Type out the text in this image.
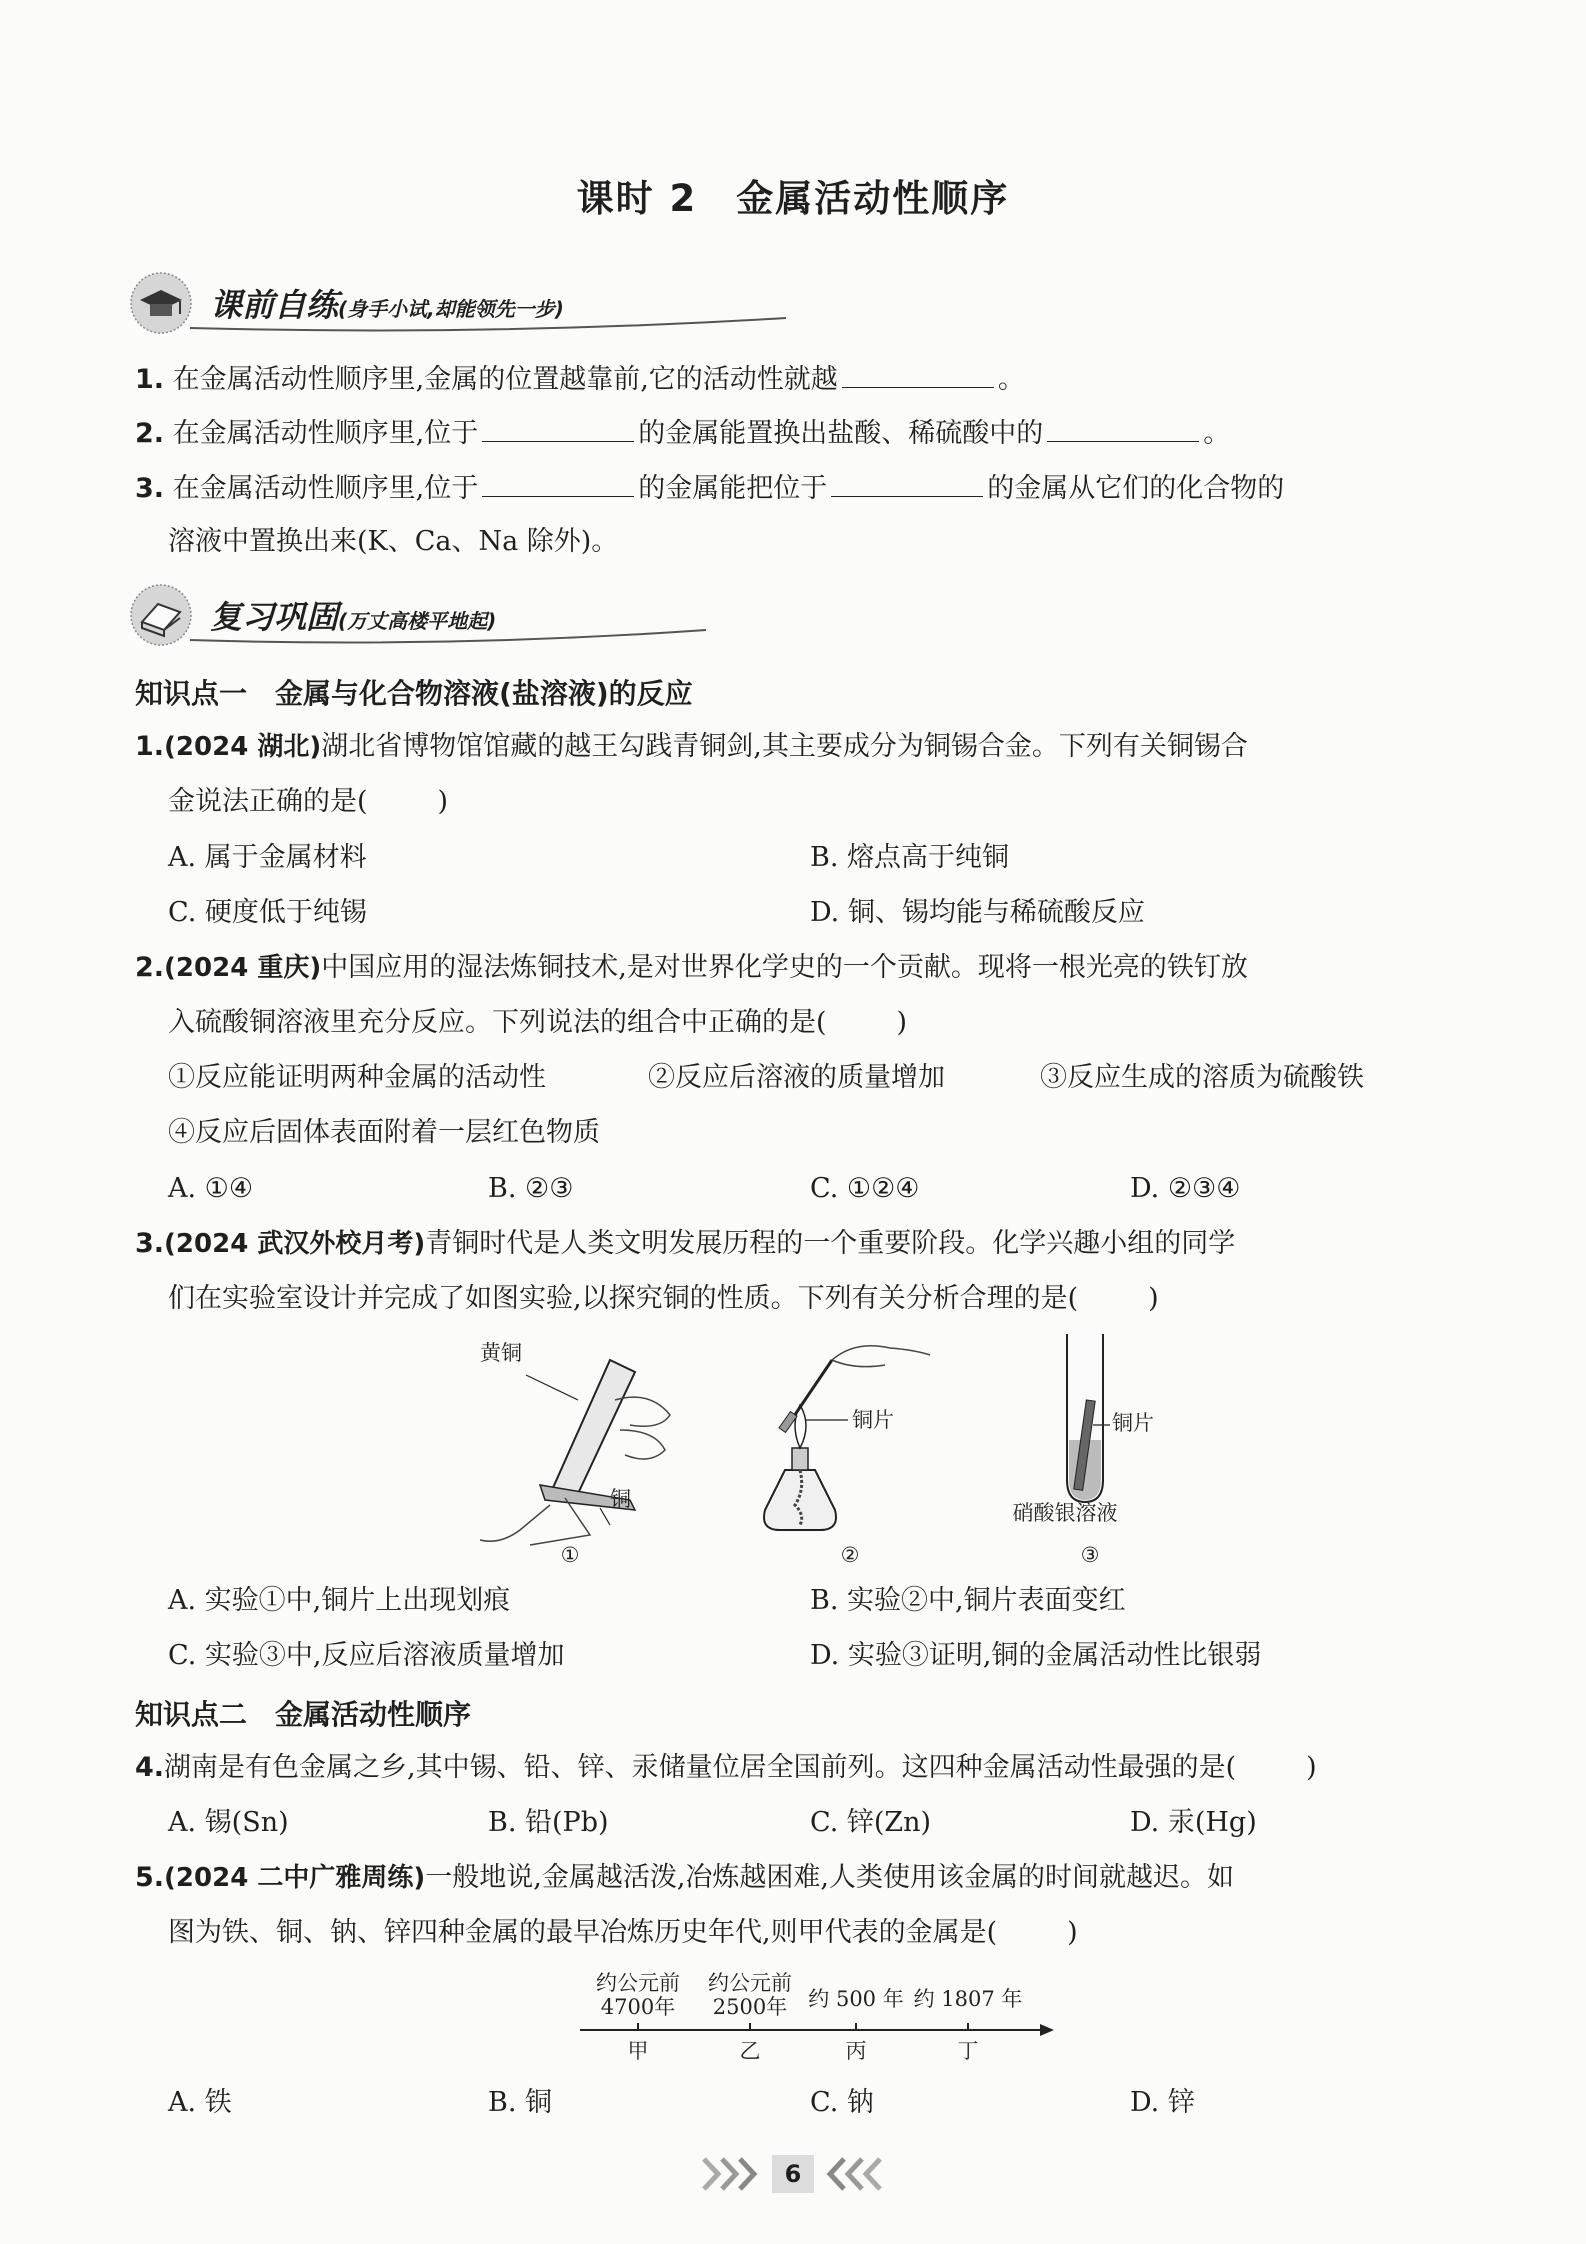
课时 2　金属活动性顺序
课前自练(身手小试,却能领先一步)
1. 在金属活动性顺序里,金属的位置越靠前,它的活动性就越	。
2. 在金属活动性顺序里,位于	的金属能置换出盐酸、稀硫酸中的	。
3. 在金属活动性顺序里,位于	的金属能把位于	的金属从它们的化合物的
溶液中置换出来(K、Ca、Na 除外)。
复习巩固(万丈高楼平地起)
知识点一 金属与化合物溶液(盐溶液)的反应
1.(2024 湖北)湖北省博物馆馆藏的越王勾践青铜剑,其主要成分为铜锡合金。下列有关铜锡合
金说法正确的是(	)
A. 属于金属材料	B. 熔点高于纯铜
C. 硬度低于纯锡	D. 铜、锡均能与稀硫酸反应
2.(2024 重庆)中国应用的湿法炼铜技术,是对世界化学史的一个贡献。现将一根光亮的铁钉放
入硫酸铜溶液里充分反应。下列说法的组合中正确的是(	)
①反应能证明两种金属的活动性	②反应后溶液的质量增加	③反应生成的溶质为硫酸铁
④反应后固体表面附着一层红色物质
A. ①④	B. ②③	C. ①②④	D. ②③④
3.(2024 武汉外校月考)青铜时代是人类文明发展历程的一个重要阶段。化学兴趣小组的同学
们在实验室设计并完成了如图实验,以探究铜的性质。下列有关分析合理的是(	)
黄铜
铜
铜片	铜片
硝酸银溶液
①	②	③
A. 实验①中,铜片上出现划痕	B. 实验②中,铜片表面变红
C. 实验③中,反应后溶液质量增加	D. 实验③证明,铜的金属活动性比银弱
知识点二 金属活动性顺序
4.湖南是有色金属之乡,其中锡、铅、锌、汞储量位居全国前列。这四种金属活动性最强的是(	)
A. 锡(Sn)	B. 铅(Pb)	C. 锌(Zn)	D. 汞(Hg)
5.(2024 二中广雅周练)一般地说,金属越活泼,冶炼越困难,人类使用该金属的时间就越迟。如
图为铁、铜、钠、锌四种金属的最早冶炼历史年代,则甲代表的金属是(	)
约公元前
4700年
约公元前
2500年 约 500 年 约 1807 年
甲	乙	丙	丁
A. 铁	B. 铜	C. 钠	D. 锌
6
